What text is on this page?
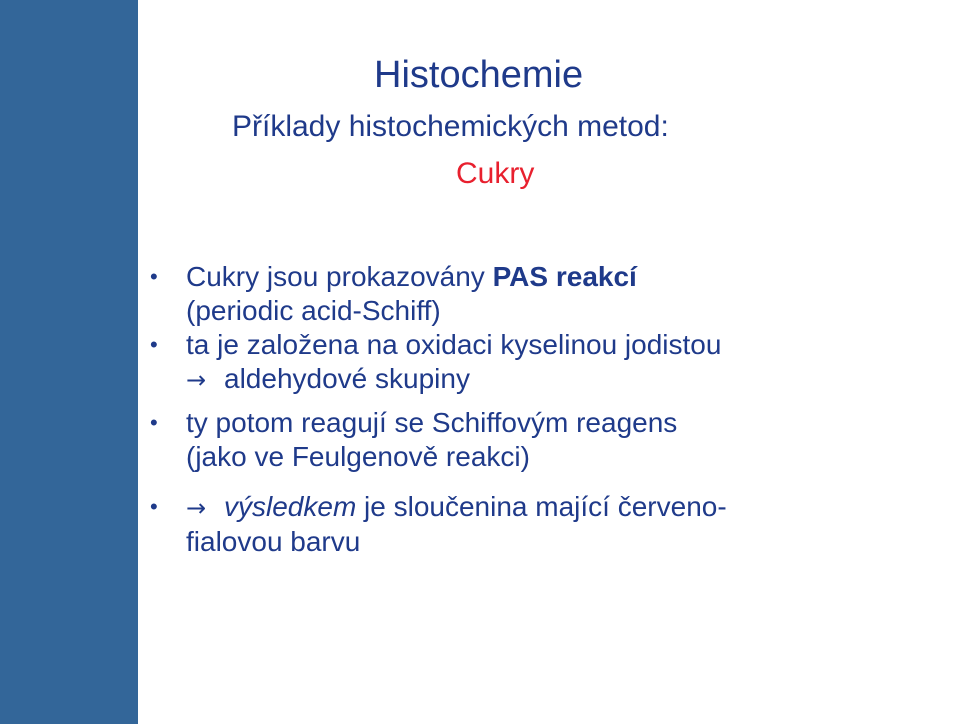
Histochemie
Příklady histochemických metod:
Cukry
• Cukry jsou prokazovány PAS reakcí
(periodic acid-Schiff)
• ta je založena na oxidaci kyselinou jodistou
→ aldehydové skupiny
• ty potom reagují se Schiffovým reagens
(jako ve Feulgenově reakci)
• → výsledkem je sloučenina mající červeno-
fialovou barvu
